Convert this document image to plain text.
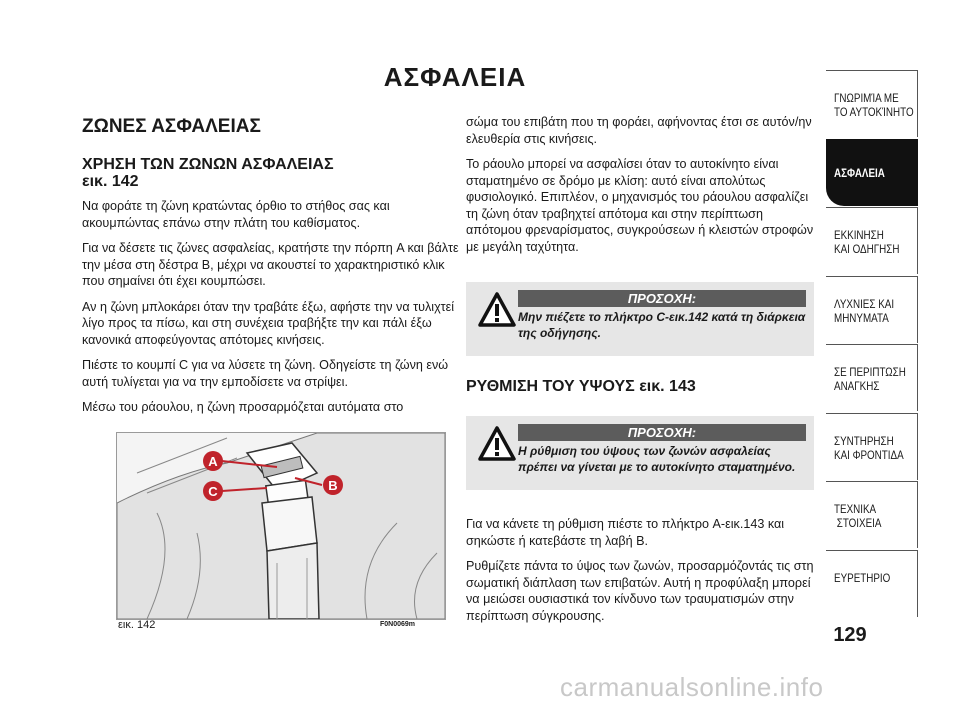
ΑΣΦΑΛΕΙΑ
ΖΩΝΕΣ ΑΣΦΑΛΕΙΑΣ
ΧΡΗΣΗ ΤΩΝ ΖΩΝΩΝ ΑΣΦΑΛΕΙΑΣ
εικ. 142

Να φοράτε τη ζώνη κρατώντας όρθιο το στήθος σας και ακουμπώντας επάνω στην πλάτη του καθίσματος.

Για να δέσετε τις ζώνες ασφαλείας, κρατήστε την πόρπη A και βάλτε την μέσα στη δέστρα B, μέχρι να ακουστεί το χαρακτηριστικό κλικ που σημαίνει ότι έχει κουμπώσει.

Αν η ζώνη μπλοκάρει όταν την τραβάτε έξω, αφήστε την να τυλιχτεί λίγο προς τα πίσω, και στη συνέχεια τραβήξτε την και πάλι έξω κανονικά αποφεύγοντας απότομες κινήσεις.

Πιέστε το κουμπί C για να λύσετε τη ζώνη. Οδηγείστε τη ζώνη ενώ αυτή τυλίγεται για να την εμποδίσετε να στρίψει.

Μέσω του ράουλου, η ζώνη προσαρμόζεται αυτόματα στο

A
C	B
εικ. 142	F0N0069m

σώμα του επιβάτη που τη φοράει, αφήνοντας έτσι σε αυτόν/ην ελευθερία στις κινήσεις.

Το ράουλο μπορεί να ασφαλίσει όταν το αυτοκίνητο είναι σταματημένο σε δρόμο με κλίση: αυτό είναι απολύτως φυσιολογικό. Επιπλέον, ο μηχανισμός του ράουλου ασφαλίζει τη ζώνη όταν τραβηχτεί απότομα και στην περίπτωση απότομου φρεναρίσματος, συγκρούσεων ή κλειστών στροφών με μεγάλη ταχύτητα.

ΠΡΟΣΟΧΗ:
Μην πιέζετε το πλήκτρο C-εικ.142 κατά τη διάρκεια της οδήγησης.
ΡΥΘΜΙΣΗ ΤΟΥ ΥΨΟΥΣ εικ. 143
ΠΡΟΣΟΧΗ:
Η ρύθμιση του ύψους των ζωνών ασφαλείας πρέπει να γίνεται με το αυτοκίνητο σταματημένο.

Για να κάνετε τη ρύθμιση πιέστε το πλήκτρο A-εικ.143 και σηκώστε ή κατεβάστε τη λαβή B.

Ρυθμίζετε πάντα το ύψος των ζωνών, προσαρμόζοντάς τις στη σωματική διάπλαση των επιβατών. Αυτή η προφύλαξη μπορεί να μειώσει ουσιαστικά τον κίνδυνο των τραυματισμών στην περίπτωση σύγκρουσης.

ΓΝΩΡΙΜΊΑ ΜΕ
ΤΟ ΑΥΤΟΚΊΝΗΤΟ
ΑΣΦΑΛΕΙΑ
ΕΚΚΙΝΗΣΗ
ΚΑΙ ΟΔΗΓΗΣΗ
ΛΥΧΝΙΕΣ ΚΑΙ
ΜΗΝΥΜΑΤΑ
ΣΕ ΠΕΡΙΠΤΩΣΗ
ΑΝΑΓΚΗΣ
ΣΥΝΤΗΡΗΣΗ
ΚΑΙ ΦΡΟΝΤΙΔΑ
ΤΕΧΝΙΚΑ
ΣΤΟΙΧΕΙΑ
ΕΥΡΕΤΗΡΙΟ
129
carmanualsonline.info
